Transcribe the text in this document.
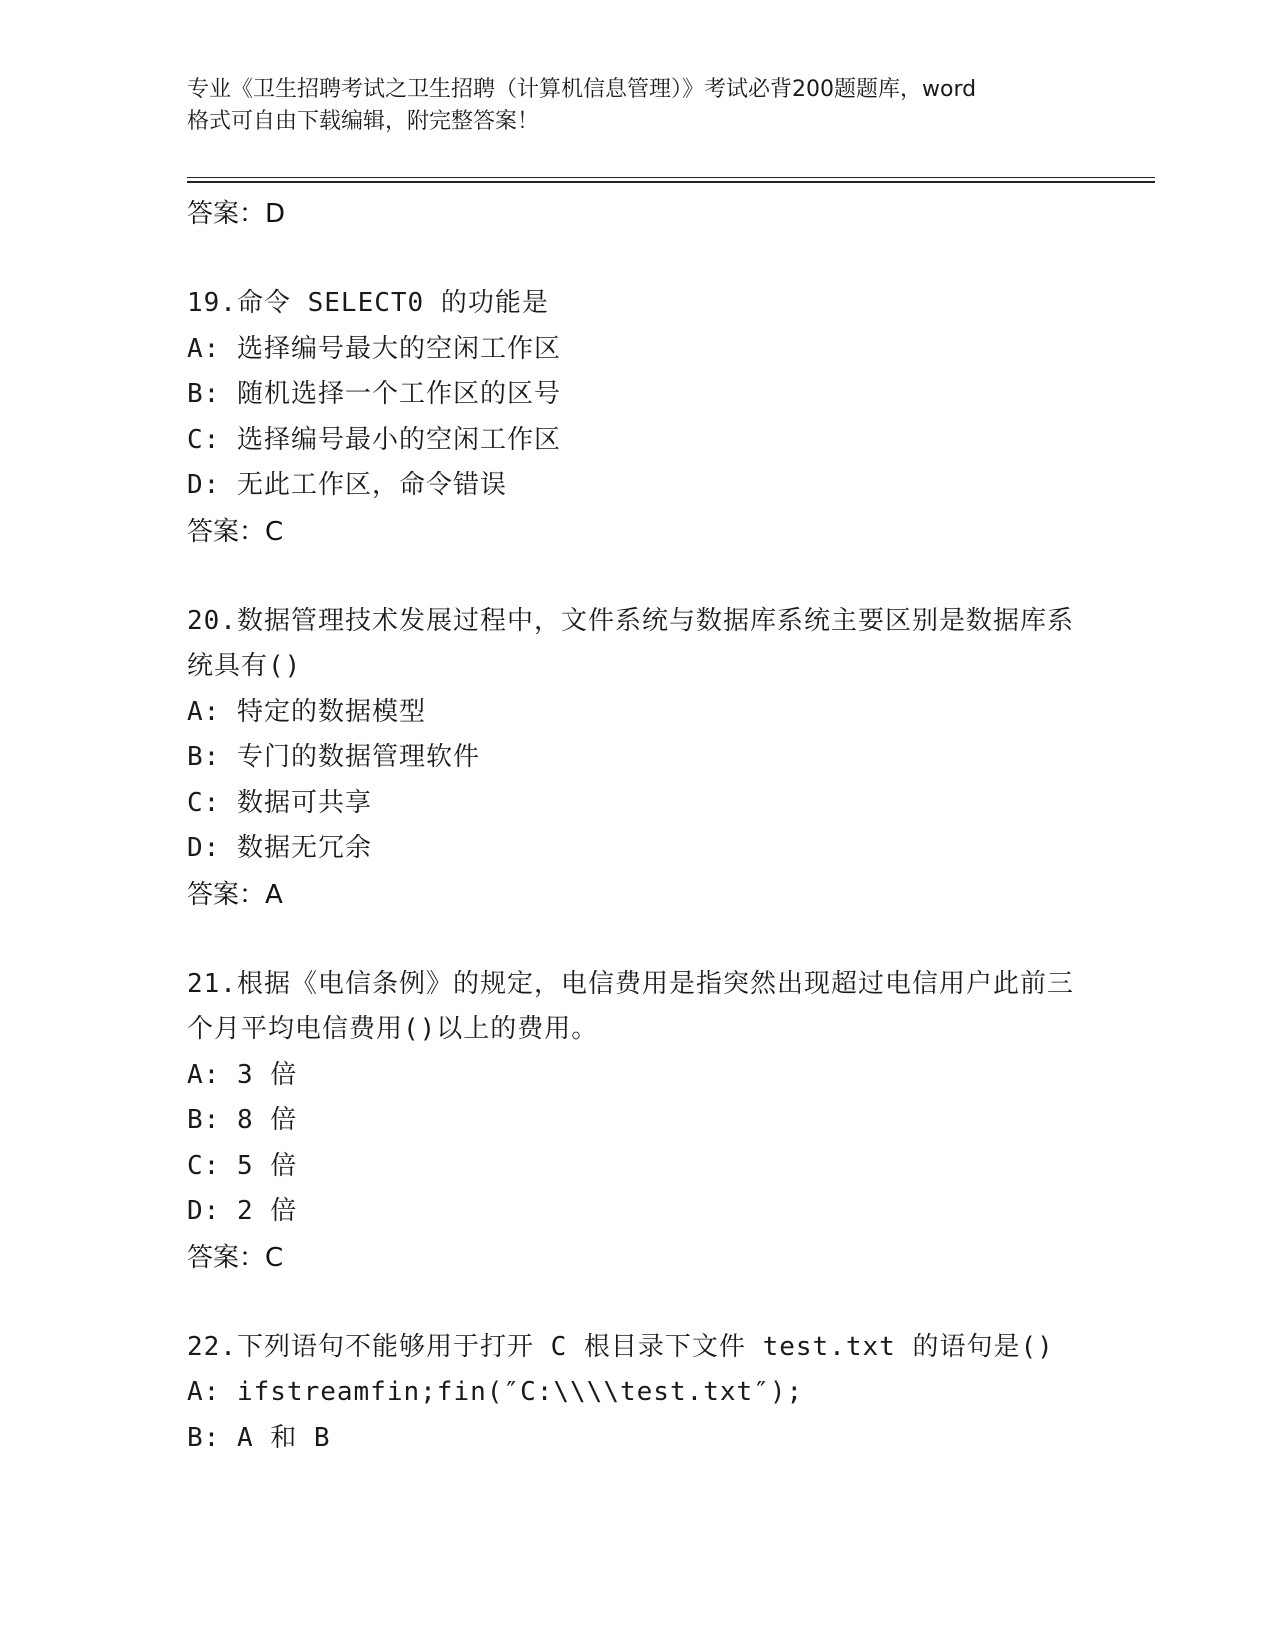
专业《卫生招聘考试之卫生招聘（计算机信息管理）》考试必背200题题库，word
格式可自由下载编辑，附完整答案！
答案：D
19.命令 SELECT0 的功能是
A: 选择编号最大的空闲工作区
B: 随机选择一个工作区的区号
C: 选择编号最小的空闲工作区
D: 无此工作区，命令错误
答案：C
20.数据管理技术发展过程中，文件系统与数据库系统主要区别是数据库系统具有()
A: 特定的数据模型
B: 专门的数据管理软件
C: 数据可共享
D: 数据无冗余
答案：A
21.根据《电信条例》的规定，电信费用是指突然出现超过电信用户此前三个月平均电信费用()以上的费用。
A: 3 倍
B: 8 倍
C: 5 倍
D: 2 倍
答案：C
22.下列语句不能够用于打开 C 根目录下文件 test.txt 的语句是()
A: ifstreamfin;fin(″C:\\\\test.txt″);
B: A 和 B
